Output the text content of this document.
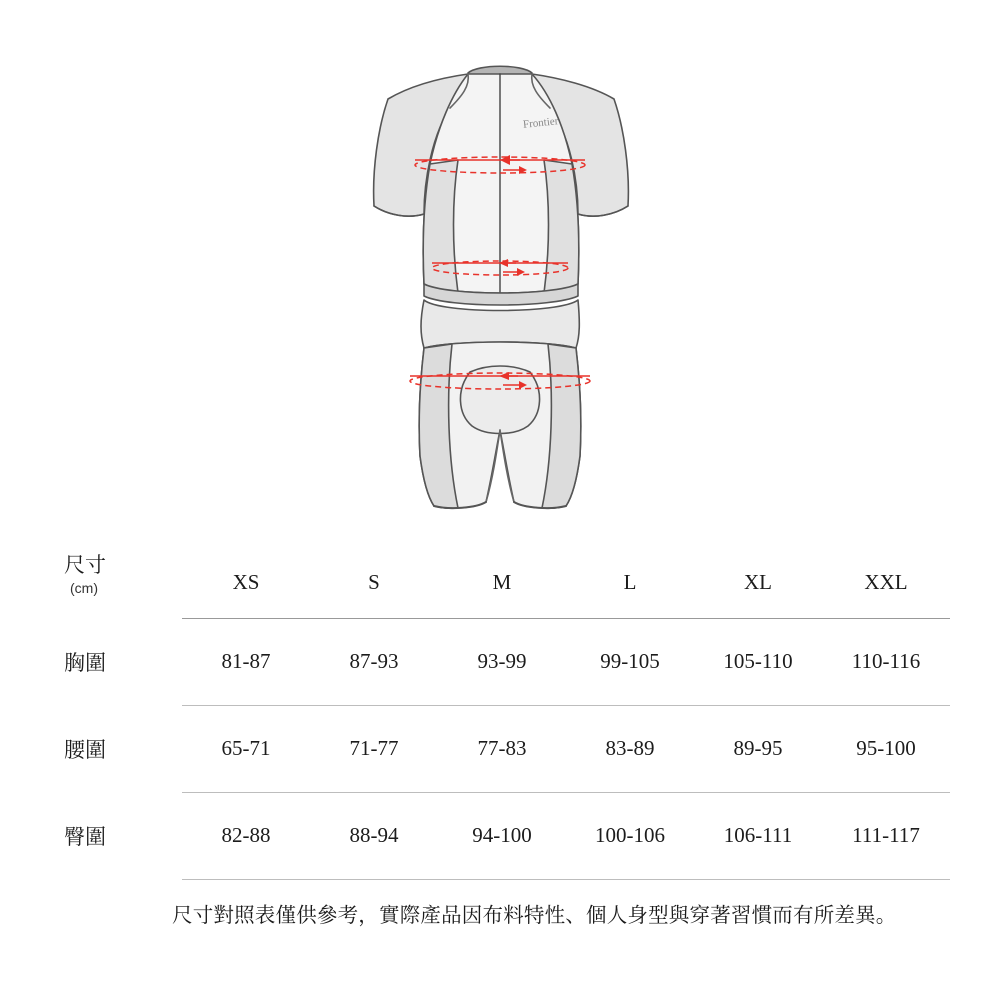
Frontier
尺寸
(cm)	XS	S	M	L	XL	XXL
胸圍	81-87	87-93	93-99	99-105	105-110	110-116
腰圍	65-71	71-77	77-83	83-89	89-95	95-100
臀圍	82-88	88-94	94-100	100-106	106-111	111-117
尺寸對照表僅供參考，實際產品因布料特性、個人身型與穿著習慣而有所差異。
